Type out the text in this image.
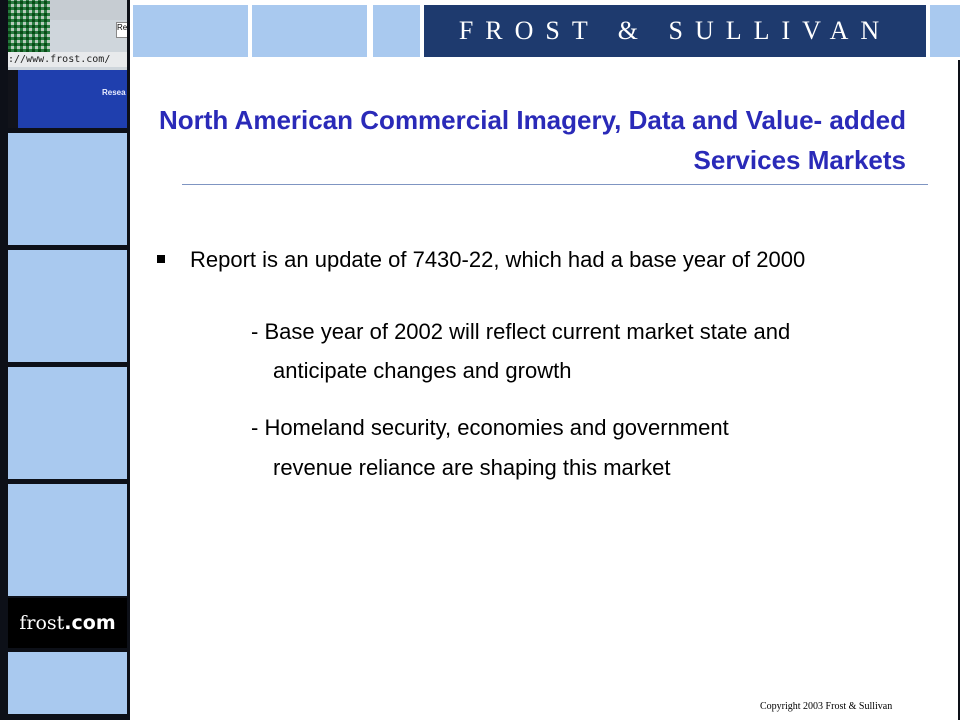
Re
://www.frost.com/
Resea
frost.com
FROST & SULLIVAN
North American Commercial Imagery, Data and Value- added Services Markets
Report is an update of 7430-22, which had a base year of 2000
- Base year of 2002 will reflect current market state and
anticipate changes and growth
- Homeland security, economies and government
revenue reliance are shaping this market
Copyright 2003 Frost & Sullivan
